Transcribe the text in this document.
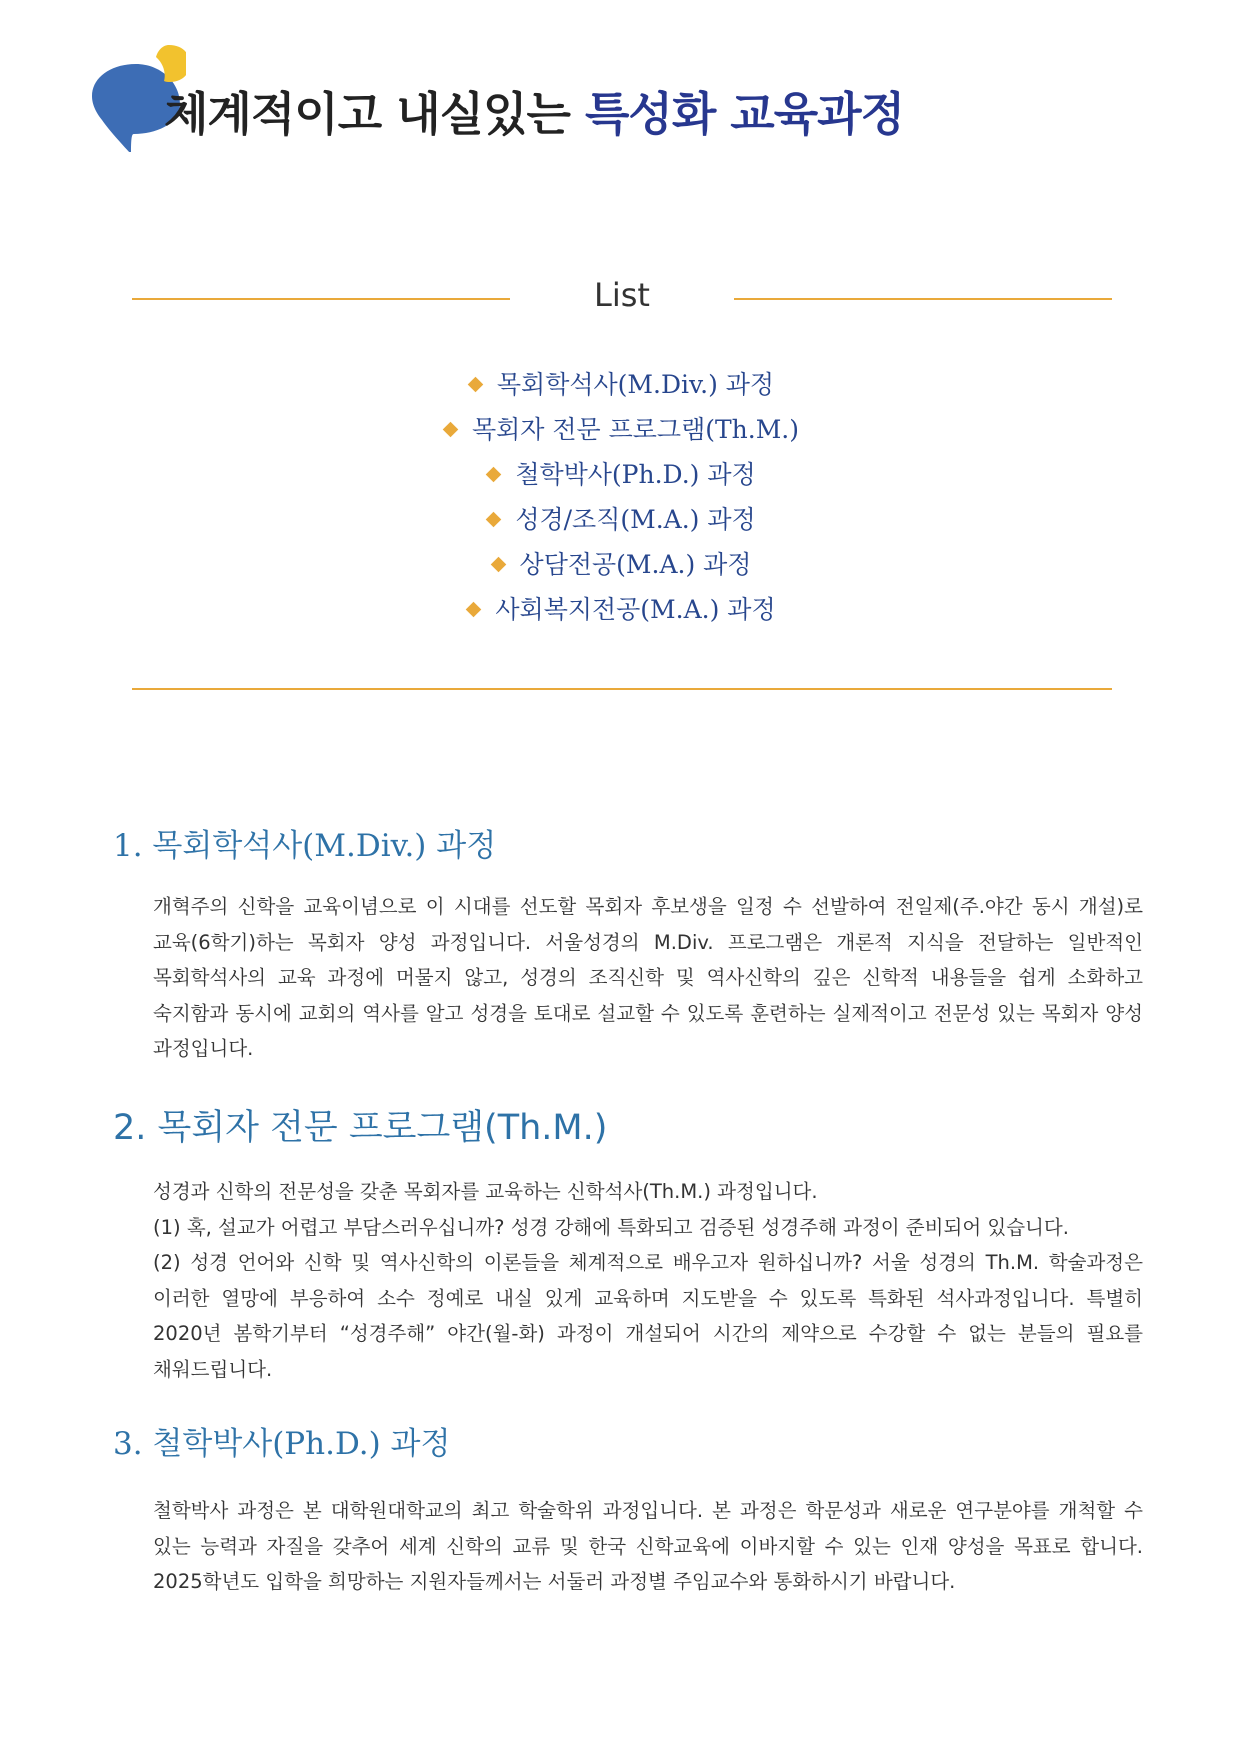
체계적이고 내실있는 특성화 교육과정
List
목회학석사(M.Div.) 과정
목회자 전문 프로그램(Th.M.)
철학박사(Ph.D.) 과정
성경/조직(M.A.) 과정
상담전공(M.A.) 과정
사회복지전공(M.A.) 과정
1. 목회학석사(M.Div.) 과정

개혁주의 신학을 교육이념으로 이 시대를 선도할 목회자 후보생을 일정 수 선발하여 전일제(주.야간 동시 개설)로 교육(6학기)하는 목회자 양성 과정입니다. 서울성경의 M.Div. 프로그램은 개론적 지식을 전달하는 일반적인 목회학석사의 교육 과정에 머물지 않고, 성경의 조직신학 및 역사신학의 깊은 신학적 내용들을 쉽게 소화하고 숙지함과 동시에 교회의 역사를 알고 성경을 토대로 설교할 수 있도록 훈련하는 실제적이고 전문성 있는 목회자 양성 과정입니다.

2. 목회자 전문 프로그램(Th.M.)

성경과 신학의 전문성을 갖춘 목회자를 교육하는 신학석사(Th.M.) 과정입니다.

(1) 혹, 설교가 어렵고 부담스러우십니까? 성경 강해에 특화되고 검증된 성경주해 과정이 준비되어 있습니다.

(2) 성경 언어와 신학 및 역사신학의 이론들을 체계적으로 배우고자 원하십니까? 서울 성경의 Th.M. 학술과정은 이러한 열망에 부응하여 소수 정예로 내실 있게 교육하며 지도받을 수 있도록 특화된 석사과정입니다. 특별히 2020년 봄학기부터 “성경주해” 야간(월-화) 과정이 개설되어 시간의 제약으로 수강할 수 없는 분들의 필요를 채워드립니다.

3. 철학박사(Ph.D.) 과정

철학박사 과정은 본 대학원대학교의 최고 학술학위 과정입니다. 본 과정은 학문성과 새로운 연구분야를 개척할 수 있는 능력과 자질을 갖추어 세계 신학의 교류 및 한국 신학교육에 이바지할 수 있는 인재 양성을 목표로 합니다. 2025학년도 입학을 희망하는 지원자들께서는 서둘러 과정별 주임교수와 통화하시기 바랍니다.
